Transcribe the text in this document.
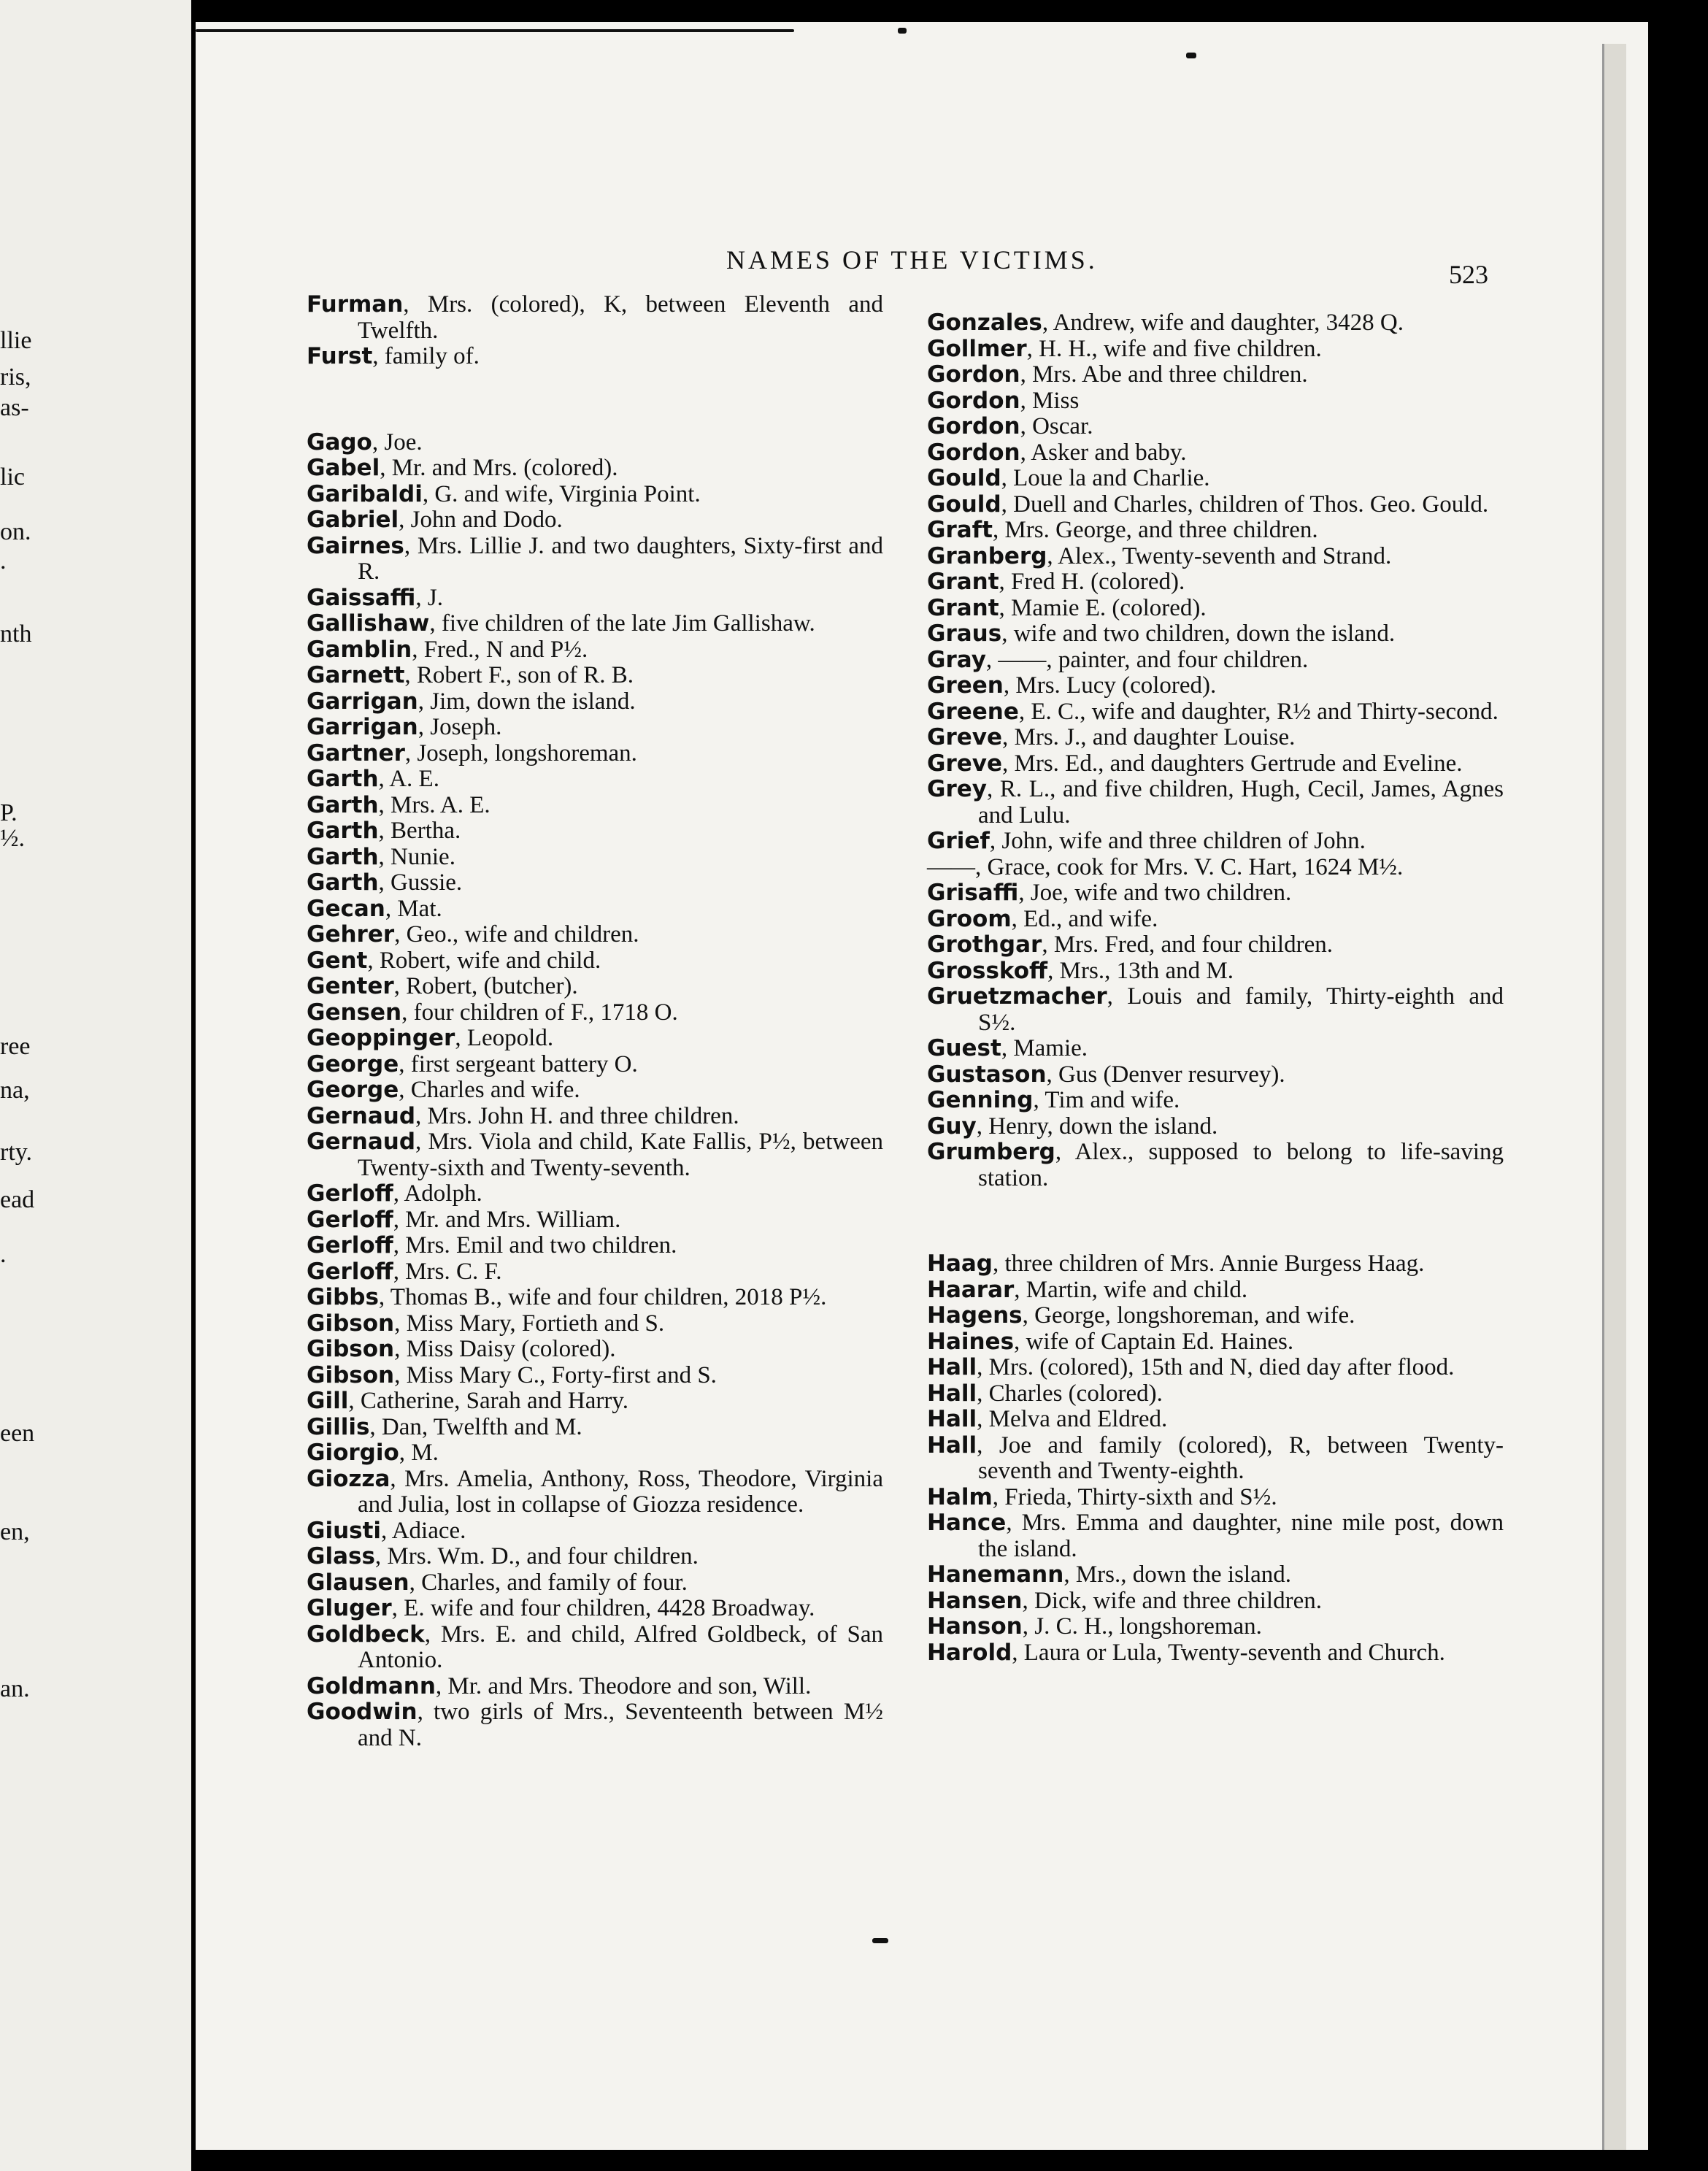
llie
ris,
as-
lic
on.
.
nth
P.
½.
ree
na,
rty.
ead
.
een
en,
an.
NAMES OF THE VICTIMS.	523

Furman, Mrs. (colored), K, between Eleventh and Twelfth.

Furst, family of.

Gago, Joe.

Gabel, Mr. and Mrs. (colored).

Garibaldi, G. and wife, Virginia Point.

Gabriel, John and Dodo.

Gairnes, Mrs. Lillie J. and two daughters, Sixty-first and R.

Gaissaffi, J.

Gallishaw, five children of the late Jim Gallishaw.

Gamblin, Fred., N and P½.

Garnett, Robert F., son of R. B.

Garrigan, Jim, down the island.

Garrigan, Joseph.

Gartner, Joseph, longshoreman.

Garth, A. E.

Garth, Mrs. A. E.

Garth, Bertha.

Garth, Nunie.

Garth, Gussie.

Gecan, Mat.

Gehrer, Geo., wife and children.

Gent, Robert, wife and child.

Genter, Robert, (butcher).

Gensen, four children of F., 1718 O.

Geoppinger, Leopold.

George, first sergeant battery O.

George, Charles and wife.

Gernaud, Mrs. John H. and three children.

Gernaud, Mrs. Viola and child, Kate Fallis, P½, between Twenty-sixth and Twenty-seventh.

Gerloff, Adolph.

Gerloff, Mr. and Mrs. William.

Gerloff, Mrs. Emil and two children.

Gerloff, Mrs. C. F.

Gibbs, Thomas B., wife and four children, 2018 P½.

Gibson, Miss Mary, Fortieth and S.

Gibson, Miss Daisy (colored).

Gibson, Miss Mary C., Forty-first and S.

Gill, Catherine, Sarah and Harry.

Gillis, Dan, Twelfth and M.

Giorgio, M.

Giozza, Mrs. Amelia, Anthony, Ross, Theodore, Virginia and Julia, lost in collapse of Giozza residence.

Giusti, Adiace.

Glass, Mrs. Wm. D., and four children.

Glausen, Charles, and family of four.

Gluger, E. wife and four children, 4428 Broadway.

Goldbeck, Mrs. E. and child, Alfred Goldbeck, of San Antonio.

Goldmann, Mr. and Mrs. Theodore and son, Will.

Goodwin, two girls of Mrs., Seventeenth between M½ and N.

Gonzales, Andrew, wife and daughter, 3428 Q.

Gollmer, H. H., wife and five children.

Gordon, Mrs. Abe and three children.

Gordon, Miss

Gordon, Oscar.

Gordon, Asker and baby.

Gould, Loue la and Charlie.

Gould, Duell and Charles, children of Thos. Geo. Gould.

Graft, Mrs. George, and three children.

Granberg, Alex., Twenty-seventh and Strand.

Grant, Fred H. (colored).

Grant, Mamie E. (colored).

Graus, wife and two children, down the island.

Gray, ——, painter, and four children.

Green, Mrs. Lucy (colored).

Greene, E. C., wife and daughter, R½ and Thirty-second.

Greve, Mrs. J., and daughter Louise.

Greve, Mrs. Ed., and daughters Gertrude and Eveline.

Grey, R. L., and five children, Hugh, Cecil, James, Agnes and Lulu.

Grief, John, wife and three children of John.

——, Grace, cook for Mrs. V. C. Hart, 1624 M½.

Grisaffi, Joe, wife and two children.

Groom, Ed., and wife.

Grothgar, Mrs. Fred, and four children.

Grosskoff, Mrs., 13th and M.

Gruetzmacher, Louis and family, Thirty-eighth and S½.

Guest, Mamie.

Gustason, Gus (Denver resurvey).

Genning, Tim and wife.

Guy, Henry, down the island.

Grumberg, Alex., supposed to belong to life-saving station.

Haag, three children of Mrs. Annie Burgess Haag.

Haarar, Martin, wife and child.

Hagens, George, longshoreman, and wife.

Haines, wife of Captain Ed. Haines.

Hall, Mrs. (colored), 15th and N, died day after flood.

Hall, Charles (colored).

Hall, Melva and Eldred.

Hall, Joe and family (colored), R, between Twenty-seventh and Twenty-eighth.

Halm, Frieda, Thirty-sixth and S½.

Hance, Mrs. Emma and daughter, nine mile post, down the island.

Hanemann, Mrs., down the island.

Hansen, Dick, wife and three children.

Hanson, J. C. H., longshoreman.

Harold, Laura or Lula, Twenty-seventh and Church.
